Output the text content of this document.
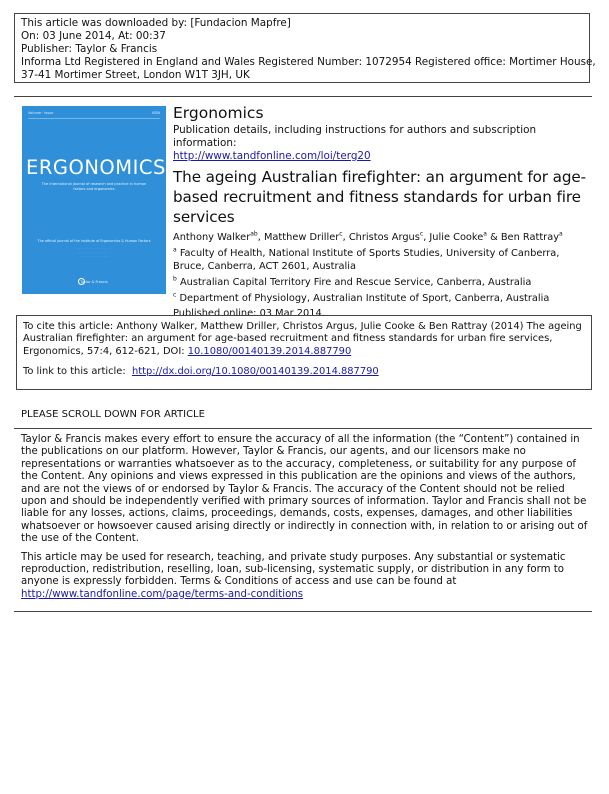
This article was downloaded by: [Fundacion Mapfre]
On: 03 June 2014, At: 00:37
Publisher: Taylor & Francis
Informa Ltd Registered in England and Wales Registered Number: 1072954 Registered office: Mortimer House,
37-41 Mortimer Street, London W1T 3JH, UK
Volume · Issue	ISSN
ERGONOMICS
The international journal of research and practice in human factors and ergonomics
The official journal of the Institute of Ergonomics & Human Factors
· · · · · · · · · · · · · · · · · ·
· · · · · · · · · · · · · · · ·
· · · · · · · · · · · · · ·
Taylor & Francis
Ergonomics
Publication details, including instructions for authors and subscription information:
http://www.tandfonline.com/loi/terg20
The ageing Australian firefighter: an argument for age-based recruitment and fitness standards for urban fire services
Anthony Walker$^{ab}$, Matthew Driller$^c$, Christos Argus$^c$, Julie Cooke$^a$ & Ben Rattray$^a$
$^a$ Faculty of Health, National Institute of Sports Studies, University of Canberra, Bruce, Canberra, ACT 2601, Australia
$^b$ Australian Capital Territory Fire and Rescue Service, Canberra, Australia
$^c$ Department of Physiology, Australian Institute of Sport, Canberra, Australia
Published online: 03 Mar 2014.
To cite this article: Anthony Walker, Matthew Driller, Christos Argus, Julie Cooke & Ben Rattray (2014) The ageing Australian firefighter: an argument for age-based recruitment and fitness standards for urban fire services, Ergonomics, 57:4, 612-621, DOI: 10.1080/00140139.2014.887790
To link to this article:  http://dx.doi.org/10.1080/00140139.2014.887790
PLEASE SCROLL DOWN FOR ARTICLE

Taylor & Francis makes every effort to ensure the accuracy of all the information (the “Content”) contained in the publications on our platform. However, Taylor & Francis, our agents, and our licensors make no representations or warranties whatsoever as to the accuracy, completeness, or suitability for any purpose of the Content. Any opinions and views expressed in this publication are the opinions and views of the authors, and are not the views of or endorsed by Taylor & Francis. The accuracy of the Content should not be relied upon and should be independently verified with primary sources of information. Taylor and Francis shall not be liable for any losses, actions, claims, proceedings, demands, costs, expenses, damages, and other liabilities whatsoever or howsoever caused arising directly or indirectly in connection with, in relation to or arising out of the use of the Content.

This article may be used for research, teaching, and private study purposes. Any substantial or systematic reproduction, redistribution, reselling, loan, sub-licensing, systematic supply, or distribution in any form to anyone is expressly forbidden. Terms & Conditions of access and use can be found at http://www.tandfonline.com/page/terms-and-conditions
